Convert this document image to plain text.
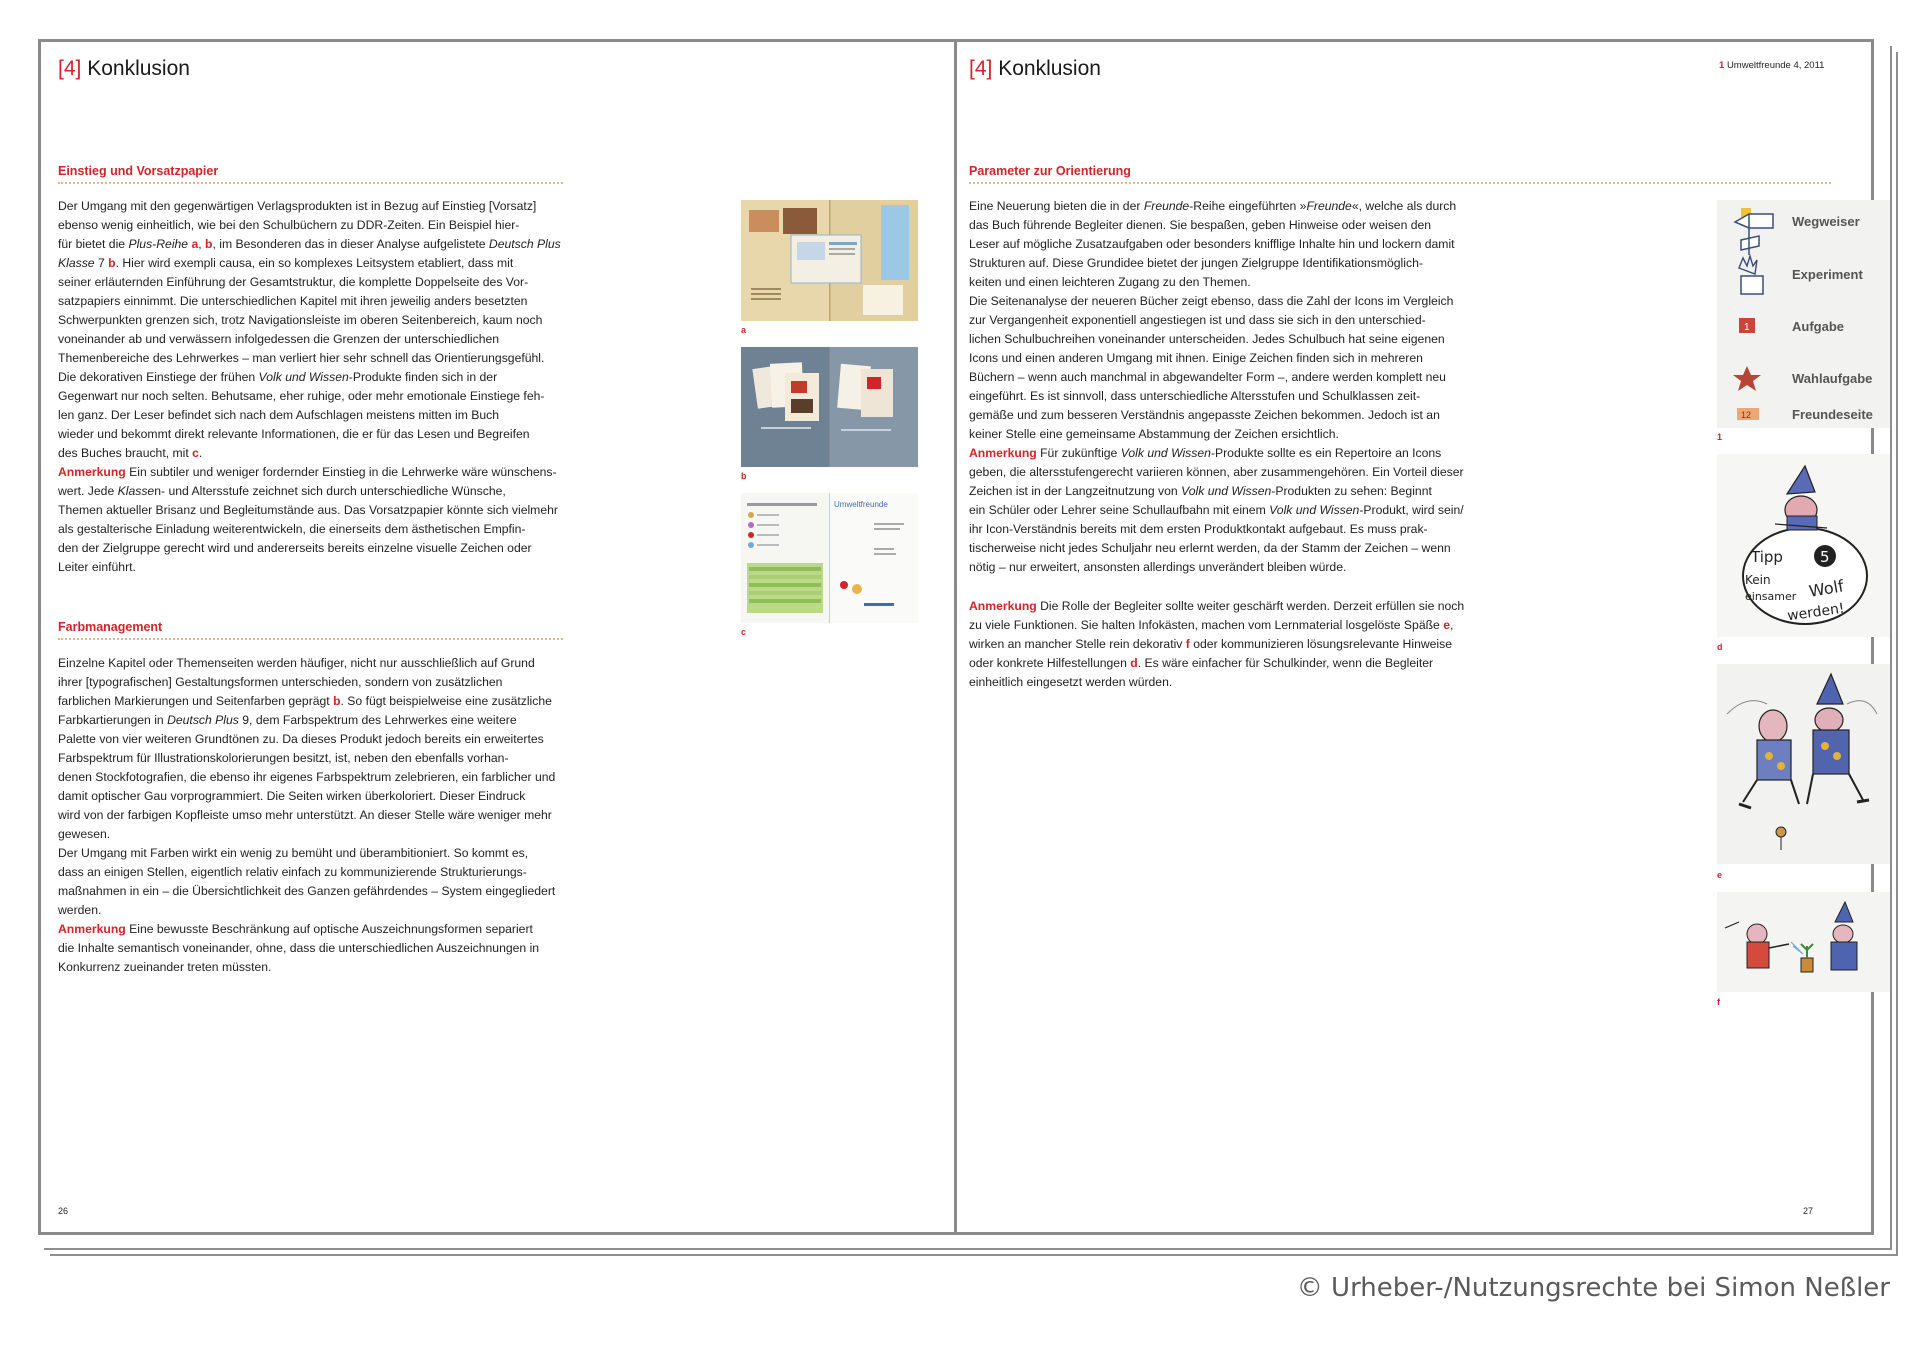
[4] Konklusion
Einstieg und Vorsatzpapier

Der Umgang mit den gegenwärtigen Verlagsprodukten ist in Bezug auf Einstieg [Vorsatz]

ebenso wenig einheitlich, wie bei den Schulbüchern zu DDR-Zeiten. Ein Beispiel hier-

für bietet die Plus-Reihe a, b, im Besonderen das in dieser Analyse aufgelistete Deutsch Plus

Klasse 7 b. Hier wird exempli causa, ein so komplexes Leitsystem etabliert, dass mit

seiner erläuternden Einführung der Gesamtstruktur, die komplette Doppelseite des Vor-

satzpapiers einnimmt. Die unterschiedlichen Kapitel mit ihren jeweilig anders besetzten

Schwerpunkten grenzen sich, trotz Navigationsleiste im oberen Seitenbereich, kaum noch

voneinander ab und verwässern infolgedessen die Grenzen der unterschiedlichen

Themenbereiche des Lehrwerkes – man verliert hier sehr schnell das Orientierungsgefühl.

Die dekorativen Einstiege der frühen Volk und Wissen-Produkte finden sich in der

Gegenwart nur noch selten. Behutsame, eher ruhige, oder mehr emotionale Einstiege feh-

len ganz. Der Leser befindet sich nach dem Aufschlagen meistens mitten im Buch

wieder und bekommt direkt relevante Informationen, die er für das Lesen und Begreifen

des Buches braucht, mit c.

Anmerkung Ein subtiler und weniger fordernder Einstieg in die Lehrwerke wäre wünschens-

wert. Jede Klassen- und Altersstufe zeichnet sich durch unterschiedliche Wünsche,

Themen aktueller Brisanz und Begleitumstände aus. Das Vorsatzpapier könnte sich vielmehr

als gestalterische Einladung weiterentwickeln, die einerseits dem ästhetischen Empfin-

den der Zielgruppe gerecht wird und andererseits bereits einzelne visuelle Zeichen oder

Leiter einführt.

Farbmanagement

Einzelne Kapitel oder Themenseiten werden häufiger, nicht nur ausschließlich auf Grund

ihrer [typografischen] Gestaltungsformen unterschieden, sondern von zusätzlichen

farblichen Markierungen und Seitenfarben geprägt b. So fügt beispielweise eine zusätzliche

Farbkartierungen in Deutsch Plus 9, dem Farbspektrum des Lehrwerkes eine weitere

Palette von vier weiteren Grundtönen zu. Da dieses Produkt jedoch bereits ein erweitertes

Farbspektrum für Illustrationskolorierungen besitzt, ist, neben den ebenfalls vorhan-

denen Stockfotografien, die ebenso ihr eigenes Farbspektrum zelebrieren, ein farblicher und

damit optischer Gau vorprogrammiert. Die Seiten wirken überkoloriert. Dieser Eindruck

wird von der farbigen Kopfleiste umso mehr unterstützt. An dieser Stelle wäre weniger mehr

gewesen.

Der Umgang mit Farben wirkt ein wenig zu bemüht und überambitioniert. So kommt es,

dass an einigen Stellen, eigentlich relativ einfach zu kommunizierende Strukturierungs-

maßnahmen in ein – die Übersichtlichkeit des Ganzen gefährdendes – System eingegliedert

werden.

Anmerkung Eine bewusste Beschränkung auf optische Auszeichnungsformen separiert

die Inhalte semantisch voneinander, ohne, dass die unterschiedlichen Auszeichnungen in

Konkurrenz zueinander treten müssten.

a
b
Umweltfreunde
c
26
[4] Konklusion	1 Umweltfreunde 4, 2011
Parameter zur Orientierung

Eine Neuerung bieten die in der Freunde-Reihe eingeführten »Freunde«, welche als durch

das Buch führende Begleiter dienen. Sie bespaßen, geben Hinweise oder weisen den

Leser auf mögliche Zusatzaufgaben oder besonders knifflige Inhalte hin und lockern damit

Strukturen auf. Diese Grundidee bietet der jungen Zielgruppe Identifikationsmöglich-

keiten und einen leichteren Zugang zu den Themen.

Die Seitenanalyse der neueren Bücher zeigt ebenso, dass die Zahl der Icons im Vergleich

zur Vergangenheit exponentiell angestiegen ist und dass sie sich in den unterschied-

lichen Schulbuchreihen voneinander unterscheiden. Jedes Schulbuch hat seine eigenen

Icons und einen anderen Umgang mit ihnen. Einige Zeichen finden sich in mehreren

Büchern – wenn auch manchmal in abgewandelter Form –, andere werden komplett neu

eingeführt. Es ist sinnvoll, dass unterschiedliche Altersstufen und Schulklassen zeit-

gemäße und zum besseren Verständnis angepasste Zeichen bekommen. Jedoch ist an

keiner Stelle eine gemeinsame Abstammung der Zeichen ersichtlich.

Anmerkung Für zukünftige Volk und Wissen-Produkte sollte es ein Repertoire an Icons

geben, die altersstufengerecht variieren können, aber zusammengehören. Ein Vorteil dieser

Zeichen ist in der Langzeitnutzung von Volk und Wissen-Produkten zu sehen: Beginnt

ein Schüler oder Lehrer seine Schullaufbahn mit einem Volk und Wissen-Produkt, wird sein/

ihr Icon-Verständnis bereits mit dem ersten Produktkontakt aufgebaut. Es muss prak-

tischerweise nicht jedes Schuljahr neu erlernt werden, da der Stamm der Zeichen – wenn

nötig – nur erweitert, ansonsten allerdings unverändert bleiben würde.

Anmerkung Die Rolle der Begleiter sollte weiter geschärft werden. Derzeit erfüllen sie noch

zu viele Funktionen. Sie halten Infokästen, machen vom Lernmaterial losgelöste Späße e,

wirken an mancher Stelle rein dekorativ f oder kommunizieren lösungsrelevante Hinweise

oder konkrete Hilfestellungen d. Es wäre einfacher für Schulkinder, wenn die Begleiter

einheitlich eingesetzt werden würden.

Wegweiser
Experiment
1	Aufgabe
Wahlaufgabe
12	Freundeseite
1
Tipp 5
Kein
einsamer Wolf
werden!
d
e
f
27
© Urheber-/Nutzungsrechte bei Simon Neßler
